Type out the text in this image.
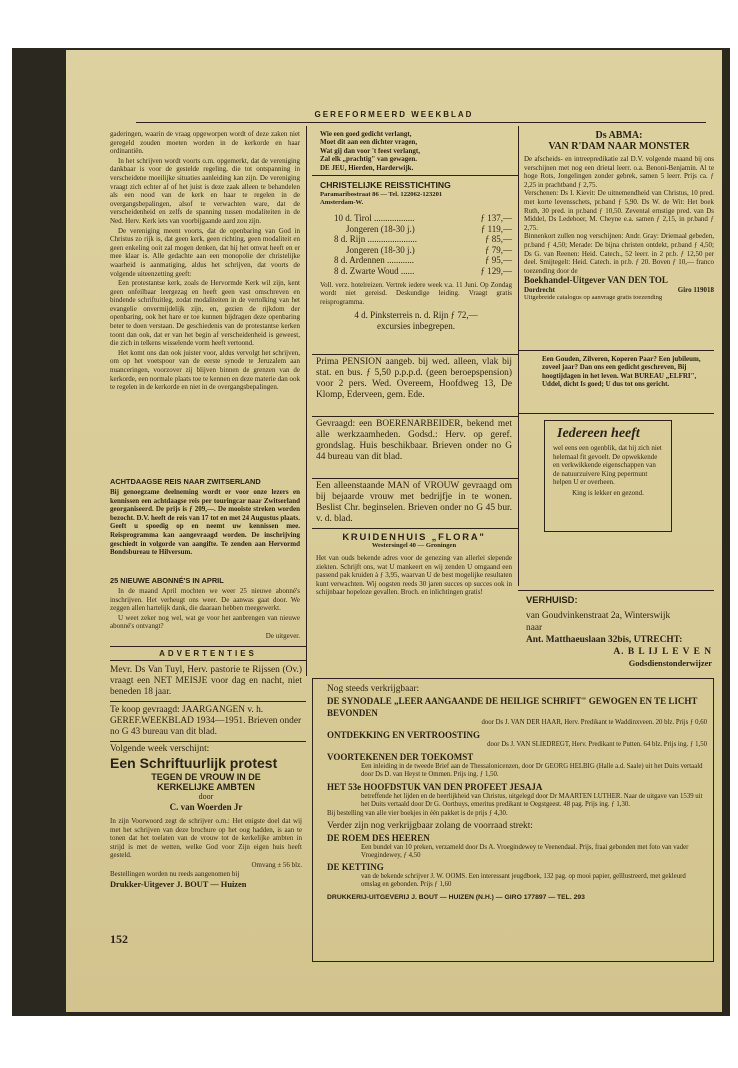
GEREFORMEERD WEEKBLAD

gaderingen, waarin de vraag opgeworpen wordt of deze zaken niet geregeld zouden moeten worden in de kerkorde en haar ordinantiën.

In het schrijven wordt voorts o.m. opgemerkt, dat de vereniging dankbaar is voor de gestelde regeling, die tot ontspanning in verscheidene moeilijke situaties aanleiding kan zijn. De vereniging vraagt zich echter af of het juist is deze zaak alleen te behandelen als een nood van de kerk en haar te regelen in de overgangsbepalingen, alsof te verwachten ware, dat de verscheidenheid en zelfs de spanning tussen modaliteiten in de Ned. Herv. Kerk iets van voorbijgaande aard zou zijn.

De vereniging meent voorts, dat de openbaring van God in Christus zo rijk is, dat geen kerk, geen richting, geen modaliteit en geen enkeling ooit zal mogen denken, dat hij het omvat heeft en er mee klaar is. Alle gedachte aan een monopolie der christelijke waarheid is aanmatiging, aldus het schrijven, dat voorts de volgende uiteenzetting geeft:

Een protestantse kerk, zoals de Hervormde Kerk wil zijn, kent geen onfeilbaar leergezag en heeft geen vast omschreven en bindende schriftuitleg, zodat modaliteiten in de vertolking van het evangelie onvermijdelijk zijn, en, gezien de rijkdom der openbaring, ook het hare er toe kunnen bijdragen deze openbaring beter te doen verstaan. De geschiedenis van de protestantse kerken toont dan ook, dat er van het begin af verscheidenheid is geweest, die zich in telkens wisselende vorm heeft vertoond.

Het komt ons dan ook juister voor, aldus vervolgt het schrijven, om op het voetspoor van de eerste synode te Jeruzalem aan nuanceringen, voorzover zij blijven binnen de grenzen van de kerkorde, een normale plaats toe te kennen en deze materie dan ook te regelen in de kerkorde en niet in de overgangsbepalingen.

ACHTDAAGSE REIS NAAR ZWITSERLAND
Bij genoegzame deelneming wordt er voor onze lezers en kennissen een achtdaagse reis per touringcar naar Zwitserland georganiseerd. De prijs is ƒ 209,—. De mooiste streken worden bezocht. D.V. heeft de reis van 17 tot en met 24 Augustus plaats. Geeft u spoedig op en neemt uw kennissen mee. Reisprogramma kan aangevraagd worden. De inschrijving geschiedt in volgorde van aangifte. Te zenden aan Hervormd Bondsbureau te Hilversum.
25 NIEUWE ABONNÉ'S IN APRIL

In de maand April mochten we weer 25 nieuwe abonné's inschrijven. Het verheugt ons weer. De aanwas gaat door. We zeggen allen hartelijk dank, die daaraan hebben meegewerkt.

U weet zeker nog wel, wat ge voor het aanbrengen van nieuwe abonné's ontvangt?

De uitgever.
ADVERTENTIES
Mevr. Ds Van Tuyl, Herv. pastorie te Rijssen (Ov.) vraagt een NET MEISJE voor dag en nacht, niet beneden 18 jaar.
Te koop gevraagd: JAARGANGEN v. h.
GEREF.WEEKBLAD 1934—1951. Brieven onder no G 43 bureau van dit blad.
Volgende week verschijnt:
Een Schriftuurlijk protest
TEGEN DE VROUW IN DE
KERKELIJKE AMBTEN
door
C. van Woerden Jr
In zijn Voorwoord zegt de schrijver o.m.: Het enigste doel dat wij met het schrijven van deze brochure op het oog hadden, is aan te tonen dat het toelaten van de vrouw tot de kerkelijke ambten in strijd is met de wetten, welke God voor Zijn eigen huis heeft gesteld.
Omvang ± 56 blz.
Bestellingen worden nu reeds aangenomen bij
Drukker-Uitgever J. BOUT — Huizen
152
Wie een goed gedicht verlangt,
Moet dit aan een dichter vragen,
Wat gij dan voor 't feest verlangt,
Zal elk „prachtig" van gewagen.
DE JEU, Hierden, Harderwijk.
CHRISTELIJKE REISSTICHTING
Paramaribostraat 86 — Tel. 122062-123201
Amsterdam-W.
10 d. Tirol ..................	ƒ 137,—
Jongeren (18-30 j.)	ƒ 119,—
8 d. Rijn ......................	ƒ 85,—
Jongeren (18-30 j.)	ƒ 79,—
8 d. Ardennen ............	ƒ 95,—
8 d. Zwarte Woud ......	ƒ 129,—
Voll. verz. hotelreizen. Vertrek iedere week v.a. 11 Juni. Op Zondag wordt niet gereisd. Deskundige leiding. Vraagt gratis reisprogramma.
4 d. Pinksterreis n. d. Rijn ƒ 72,—
excursies inbegrepen.
Prima PENSION aangeb. bij wed. alleen, vlak bij stat. en bus. ƒ 5,50 p.p.p.d. (geen beroepspension) voor 2 pers. Wed. Overeem, Hoofdweg 13, De Klomp, Ederveen, gem. Ede.
Gevraagd: een BOERENARBEIDER, bekend met alle werkzaamheden. Godsd.: Herv. op geref. grondslag. Huis beschikbaar. Brieven onder no G 44 bureau van dit blad.
Een alleenstaande MAN of VROUW gevraagd om bij bejaarde vrouw met bedrijfje in te wonen. Beslist Chr. beginselen. Brieven onder no G 45 bur. v. d. blad.
KRUIDENHUIS „FLORA"
Westersingel 40 — Groningen
Het van ouds bekende adres voor de genezing van allerlei slepende ziekten. Schrijft ons, wat U mankeert en wij zenden U omgaand een passend pak kruiden à ƒ 3,95, waarvan U de best mogelijke resultaten kunt verwachten. Wij oogsten reeds 30 jaren succes op succes ook in schijnbaar hopeloze gevallen. Broch. en inlichtingen gratis!
Ds ABMA:
VAN R'DAM NAAR MONSTER
De afscheids- en intreepredikatie zal D.V. volgende maand bij ons verschijnen met nog een drietal leerr. o.a. Benoni-Benjamin. Al te hoge Rots, Jongelingen zonder gebrek, samen 5 leerr. Prijs ca. ƒ 2,25 in prachtband ƒ 2,75.
Verschenen: Ds I. Kievit: De uitnemendheid van Christus, 10 pred. met korte levensschets, pr.band ƒ 5,90. Ds W. de Wit: Het boek Ruth, 30 pred. in pr.band ƒ 10,50. Zevental ernstige pred. van Ds Middel, Ds Ledeboer, M. Cheyne e.a. samen ƒ 2,15, in pr.band ƒ 2,75.
Binnenkort zullen nog verschijnen: Andr. Gray: Driemaal gebeden, pr.band ƒ 4,50; Merade: De bijna christen ontdekt, pr.band ƒ 4,50; Ds G. van Reenen: Heid. Catech., 52 leerr. in 2 pr.b. ƒ 12,50 per deel. Smijtegelt: Heid. Catech. in pr.b. ƒ 20. Boven ƒ 10,— franco toezending door de
Boekhandel-Uitgever VAN DEN TOL
Dordrecht	Giro 119018
Uitgebreide catalogus op aanvrage gratis toezending
Een Gouden, Zilveren, Koperen Paar? Een jubileum, zoveel jaar? Dan ons een gedicht geschreven, Bij hoogtijdagen in het leven. Wat BUREAU „ELFRI", Uddel, dicht Is goed; U dus tot ons gericht.
Iedereen heeft
wel eens een ogenblik, dat hij zich niet helemaal fit gevoelt. De opwekkende en verkwikkende eigenschappen van de natuurzuivere King pepermunt helpen U er overheen.
King is lekker en gezond.
VERHUISD:
van Goudvinkenstraat 2a, Winterswijk
naar
Ant. Matthaeuslaan 32bis, UTRECHT:
A. B L IJ L E V E N
Godsdienstonderwijzer
Nog steeds verkrijgbaar:
DE SYNODALE „LEER AANGAANDE DE HEILIGE SCHRIFT" GEWOGEN EN TE LICHT BEVONDEN
door Ds J. VAN DER HAAR, Herv. Predikant te Waddinxveen. 20 blz. Prijs ƒ 0,60
ONTDEKKING EN VERTROOSTING
door Ds J. VAN SLIEDREGT, Herv. Predikant te Putten. 64 blz. Prijs ing. ƒ 1,50
VOORTEKENEN DER TOEKOMST
Een inleiding in de tweede Brief aan de Thessalonicenzen, door Dr GEORG HELBIG (Halle a.d. Saale) uit het Duits vertaald door Ds D. van Heyst te Ommen. Prijs ing. ƒ 1,50.
HET 53e HOOFDSTUK VAN DEN PROFEET JESAJA
betreffende het lijden en de heerlijkheid van Christus, uitgelegd door Dr MAARTEN LUTHER. Naar de uitgave van 1539 uit het Duits vertaald door Dr G. Oorthuys, emeritus predikant te Oegstgeest. 48 pag. Prijs ing. ƒ 1,30.
Bij bestelling van alle vier boekjes in één pakket is de prijs ƒ 4,30.
Verder zijn nog verkrijgbaar zolang de voorraad strekt:
DE ROEM DES HEEREN
Een bundel van 10 preken, verzameld door Ds A. Vroegindewey te Veenendaal. Prijs, fraai gebonden met foto van vader Vroegindewey, ƒ 4,50
DE KETTING
van de bekende schrijver J. W. OOMS. Een interessant jeugdboek, 132 pag. op mooi papier, geïllustreerd, met gekleurd omslag en gebonden. Prijs ƒ 1,60
DRUKKERIJ-UITGEVERIJ J. BOUT — HUIZEN (N.H.) — GIRO 177897 — TEL. 293
